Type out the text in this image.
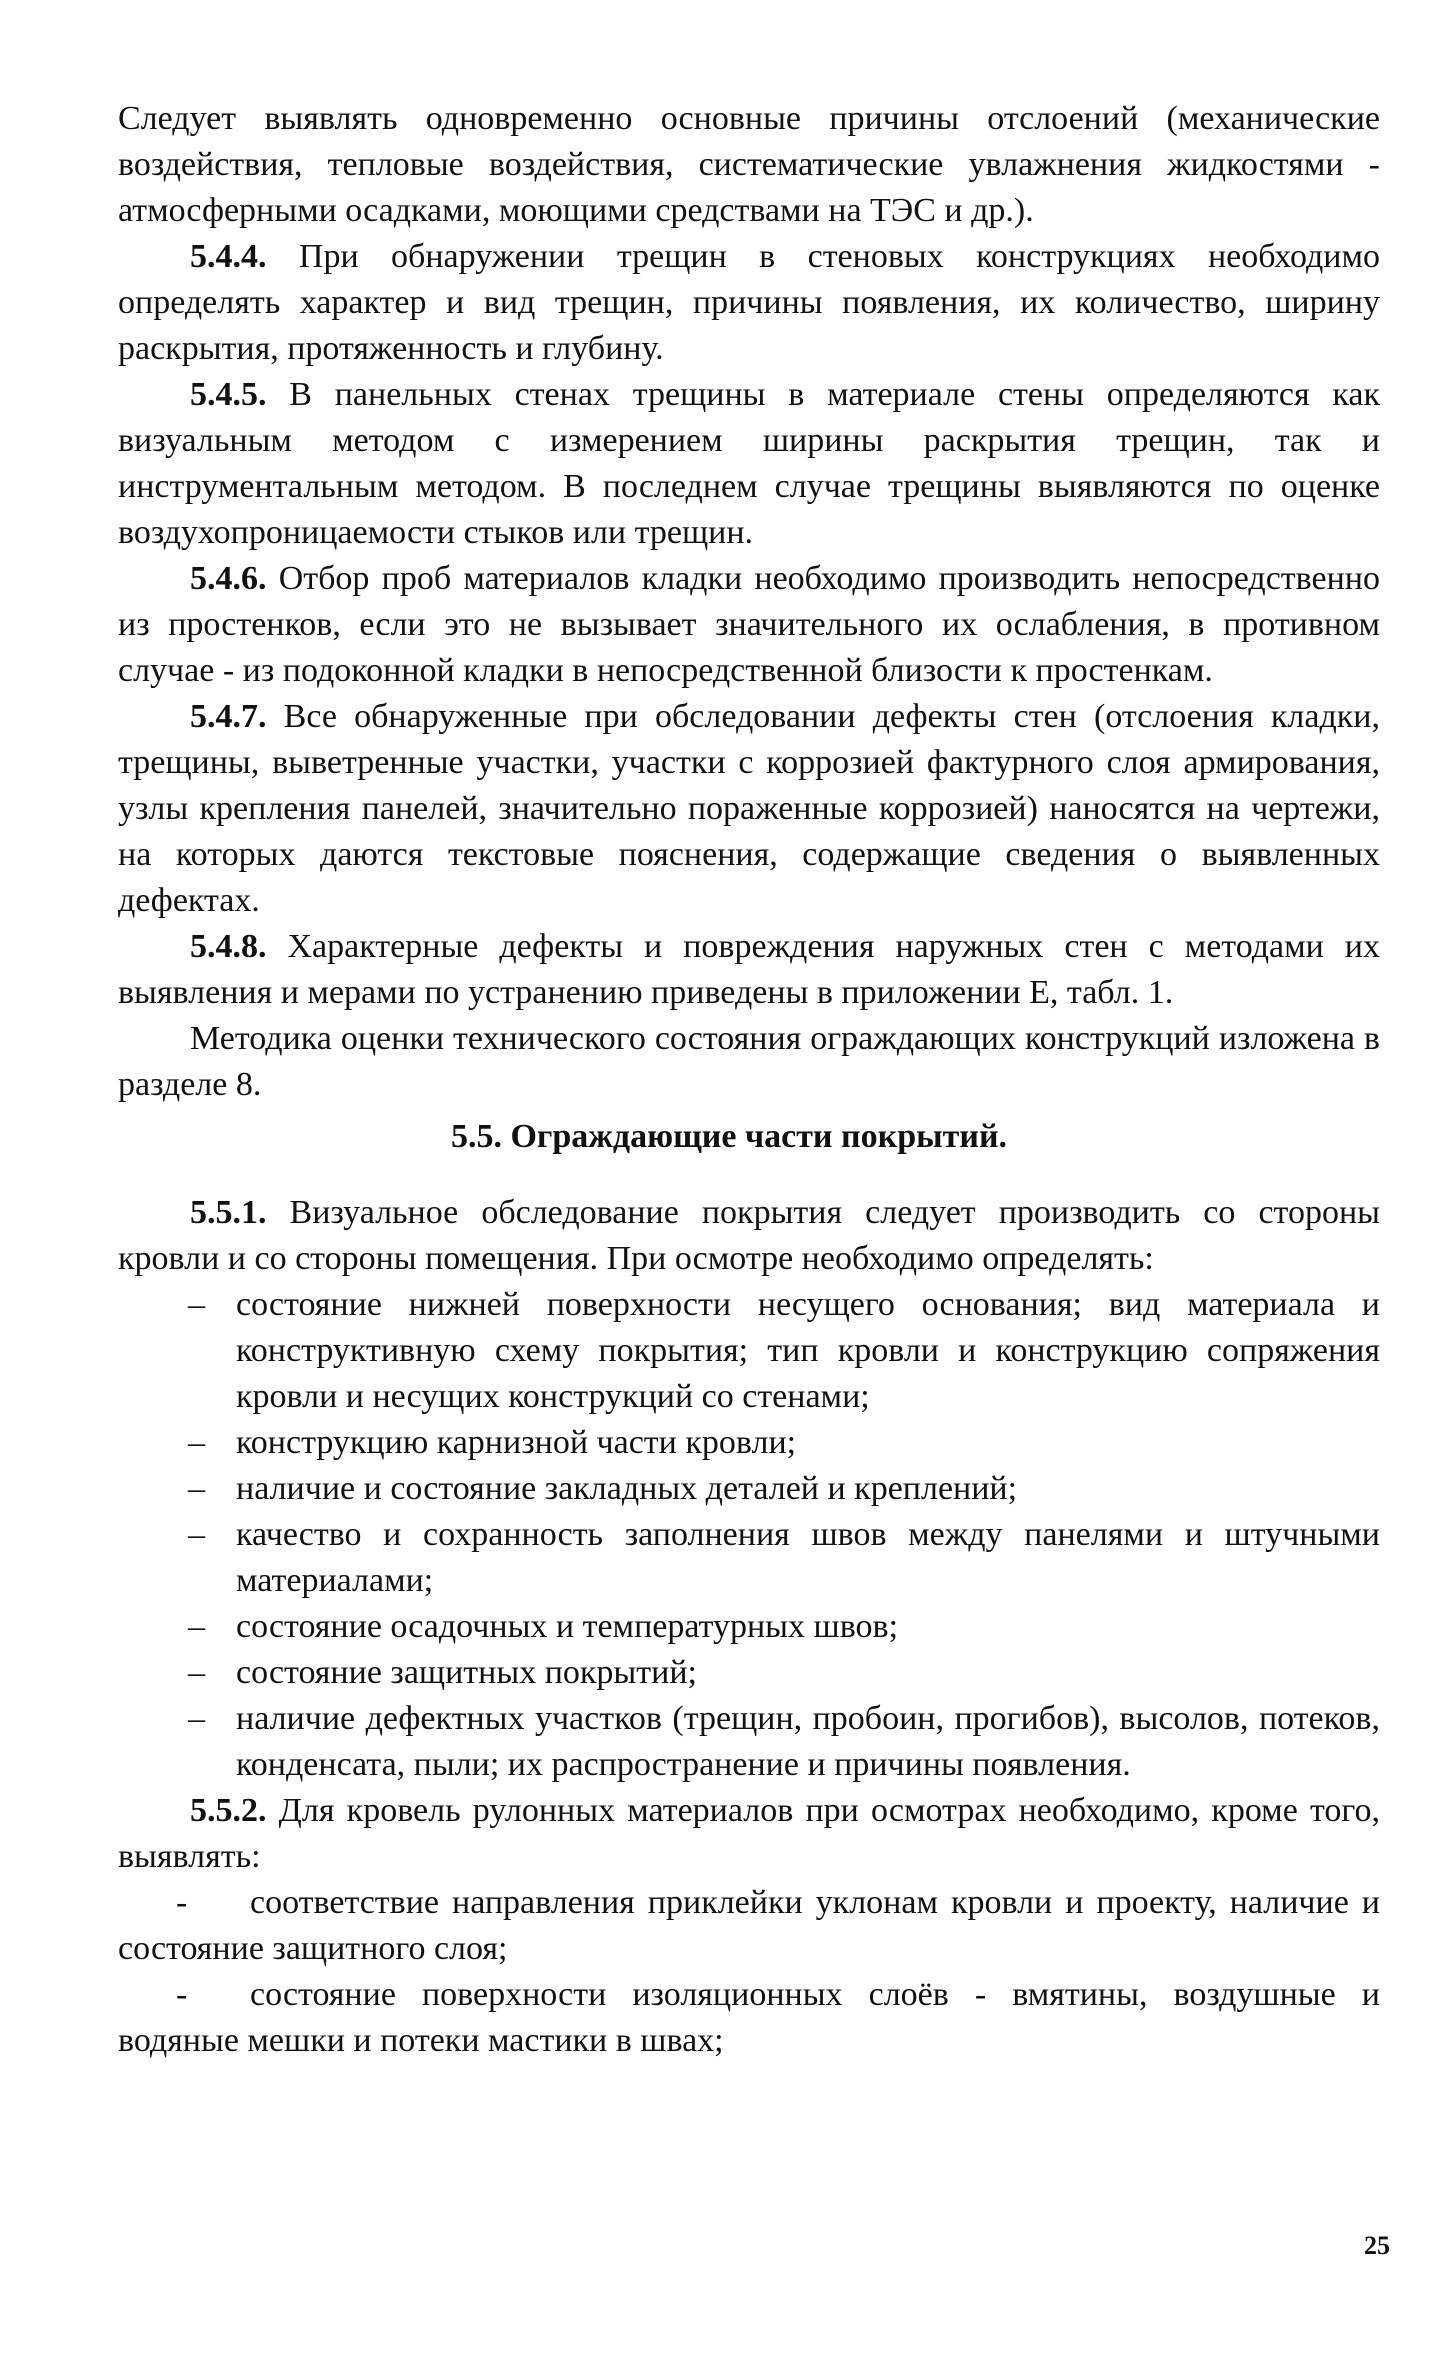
Следует выявлять одновременно основные причины отслоений (механические воздействия, тепловые воздействия, систематические увлажнения жидкостями - атмосферными осадками, моющими средствами на ТЭС и др.).

5.4.4. При обнаружении трещин в стеновых конструкциях необходимо определять характер и вид трещин, причины появления, их количество, ширину раскрытия, протяженность и глубину.

5.4.5. В панельных стенах трещины в материале стены определяются как визуальным методом с измерением ширины раскрытия трещин, так и инструментальным методом. В последнем случае трещины выявляются по оценке воздухопроницаемости стыков или трещин.

5.4.6. Отбор проб материалов кладки необходимо производить непосредственно из простенков, если это не вызывает значительного их ослабления, в противном случае - из подоконной кладки в непосредственной близости к простенкам.

5.4.7. Все обнаруженные при обследовании дефекты стен (отслоения кладки, трещины, выветренные участки, участки с коррозией фактурного слоя армирования, узлы крепления панелей, значительно пораженные коррозией) наносятся на чертежи, на которых даются текстовые пояснения, содержащие сведения о выявленных дефектах.

5.4.8. Характерные дефекты и повреждения наружных стен с методами их выявления и мерами по устранению приведены в приложении Е, табл. 1.

Методика оценки технического состояния ограждающих конструкций изложена в разделе 8.

5.5. Ограждающие части покрытий.

5.5.1. Визуальное обследование покрытия следует производить со стороны кровли и со стороны помещения. При осмотре необходимо определять:

– состояние нижней поверхности несущего основания; вид материала и конструктивную схему покрытия; тип кровли и конструкцию сопряжения кровли и несущих конструкций со стенами;
– конструкцию карнизной части кровли;
– наличие и состояние закладных деталей и креплений;
– качество и сохранность заполнения швов между панелями и штучными материалами;
– состояние осадочных и температурных швов;
– состояние защитных покрытий;
– наличие дефектных участков (трещин, пробоин, прогибов), высолов, потеков, конденсата, пыли; их распространение и причины появления.

5.5.2. Для кровель рулонных материалов при осмотрах необходимо, кроме того, выявлять:

- соответствие направления приклейки уклонам кровли и проекту, наличие и состояние защитного слоя;

- состояние поверхности изоляционных слоёв - вмятины, воздушные и водяные мешки и потеки мастики в швах;

25
